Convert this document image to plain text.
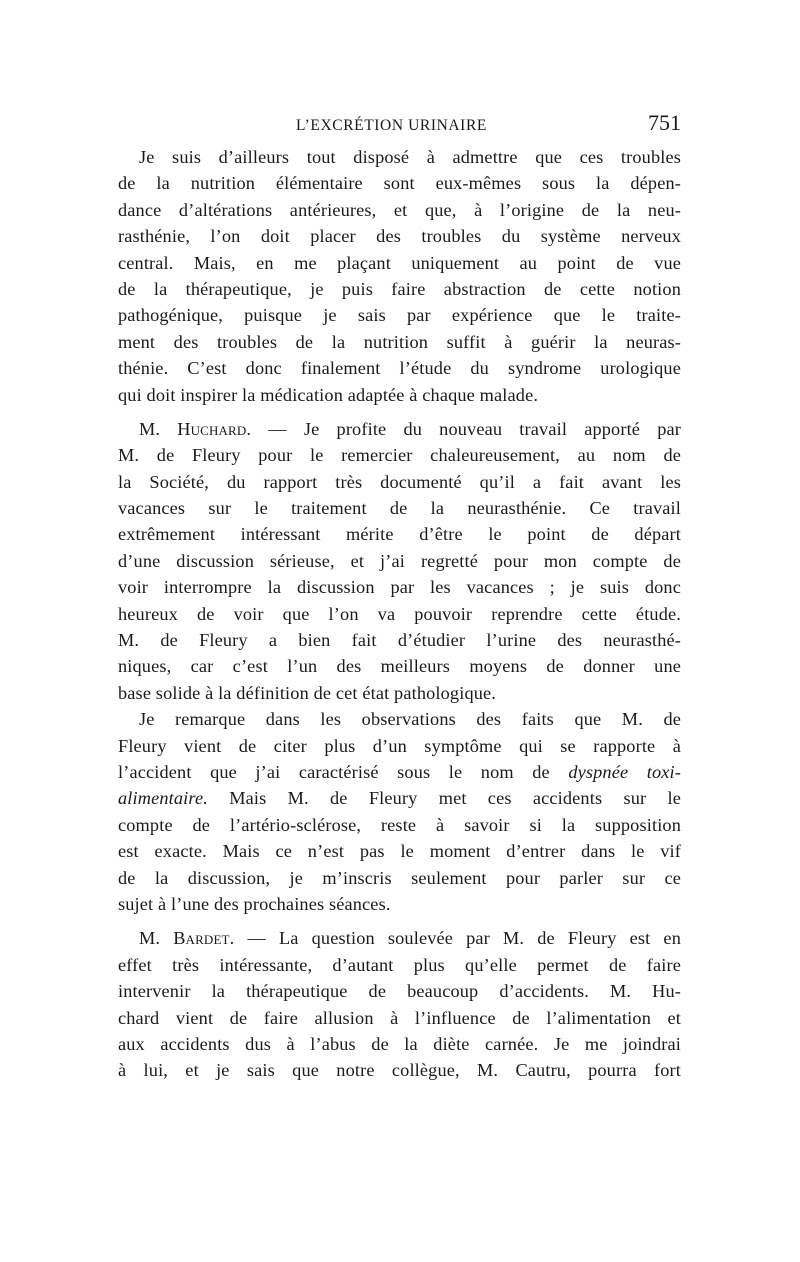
L’EXCRÉTION URINAIRE	751
Je suis d’ailleurs tout disposé à admettre que ces troubles
de la nutrition élémentaire sont eux-mêmes sous la dépen-
dance d’altérations antérieures, et que, à l’origine de la neu-
rasthénie, l’on doit placer des troubles du système nerveux
central. Mais, en me plaçant uniquement au point de vue
de la thérapeutique, je puis faire abstraction de cette notion
pathogénique, puisque je sais par expérience que le traite-
ment des troubles de la nutrition suffit à guérir la neuras-
thénie. C’est donc finalement l’étude du syndrome urologique
qui doit inspirer la médication adaptée à chaque malade.
M. Huchard. — Je profite du nouveau travail apporté par
M. de Fleury pour le remercier chaleureusement, au nom de
la Société, du rapport très documenté qu’il a fait avant les
vacances sur le traitement de la neurasthénie. Ce travail
extrêmement intéressant mérite d’être le point de départ
d’une discussion sérieuse, et j’ai regretté pour mon compte de
voir interrompre la discussion par les vacances ; je suis donc
heureux de voir que l’on va pouvoir reprendre cette étude.
M. de Fleury a bien fait d’étudier l’urine des neurasthé-
niques, car c’est l’un des meilleurs moyens de donner une
base solide à la définition de cet état pathologique.
Je remarque dans les observations des faits que M. de
Fleury vient de citer plus d’un symptôme qui se rapporte à
l’accident que j’ai caractérisé sous le nom de dyspnée toxi-
alimentaire. Mais M. de Fleury met ces accidents sur le
compte de l’artério-sclérose, reste à savoir si la supposition
est exacte. Mais ce n’est pas le moment d’entrer dans le vif
de la discussion, je m’inscris seulement pour parler sur ce
sujet à l’une des prochaines séances.
M. Bardet. — La question soulevée par M. de Fleury est en
effet très intéressante, d’autant plus qu’elle permet de faire
intervenir la thérapeutique de beaucoup d’accidents. M. Hu-
chard vient de faire allusion à l’influence de l’alimentation et
aux accidents dus à l’abus de la diète carnée. Je me joindrai
à lui, et je sais que notre collègue, M. Cautru, pourra fort
